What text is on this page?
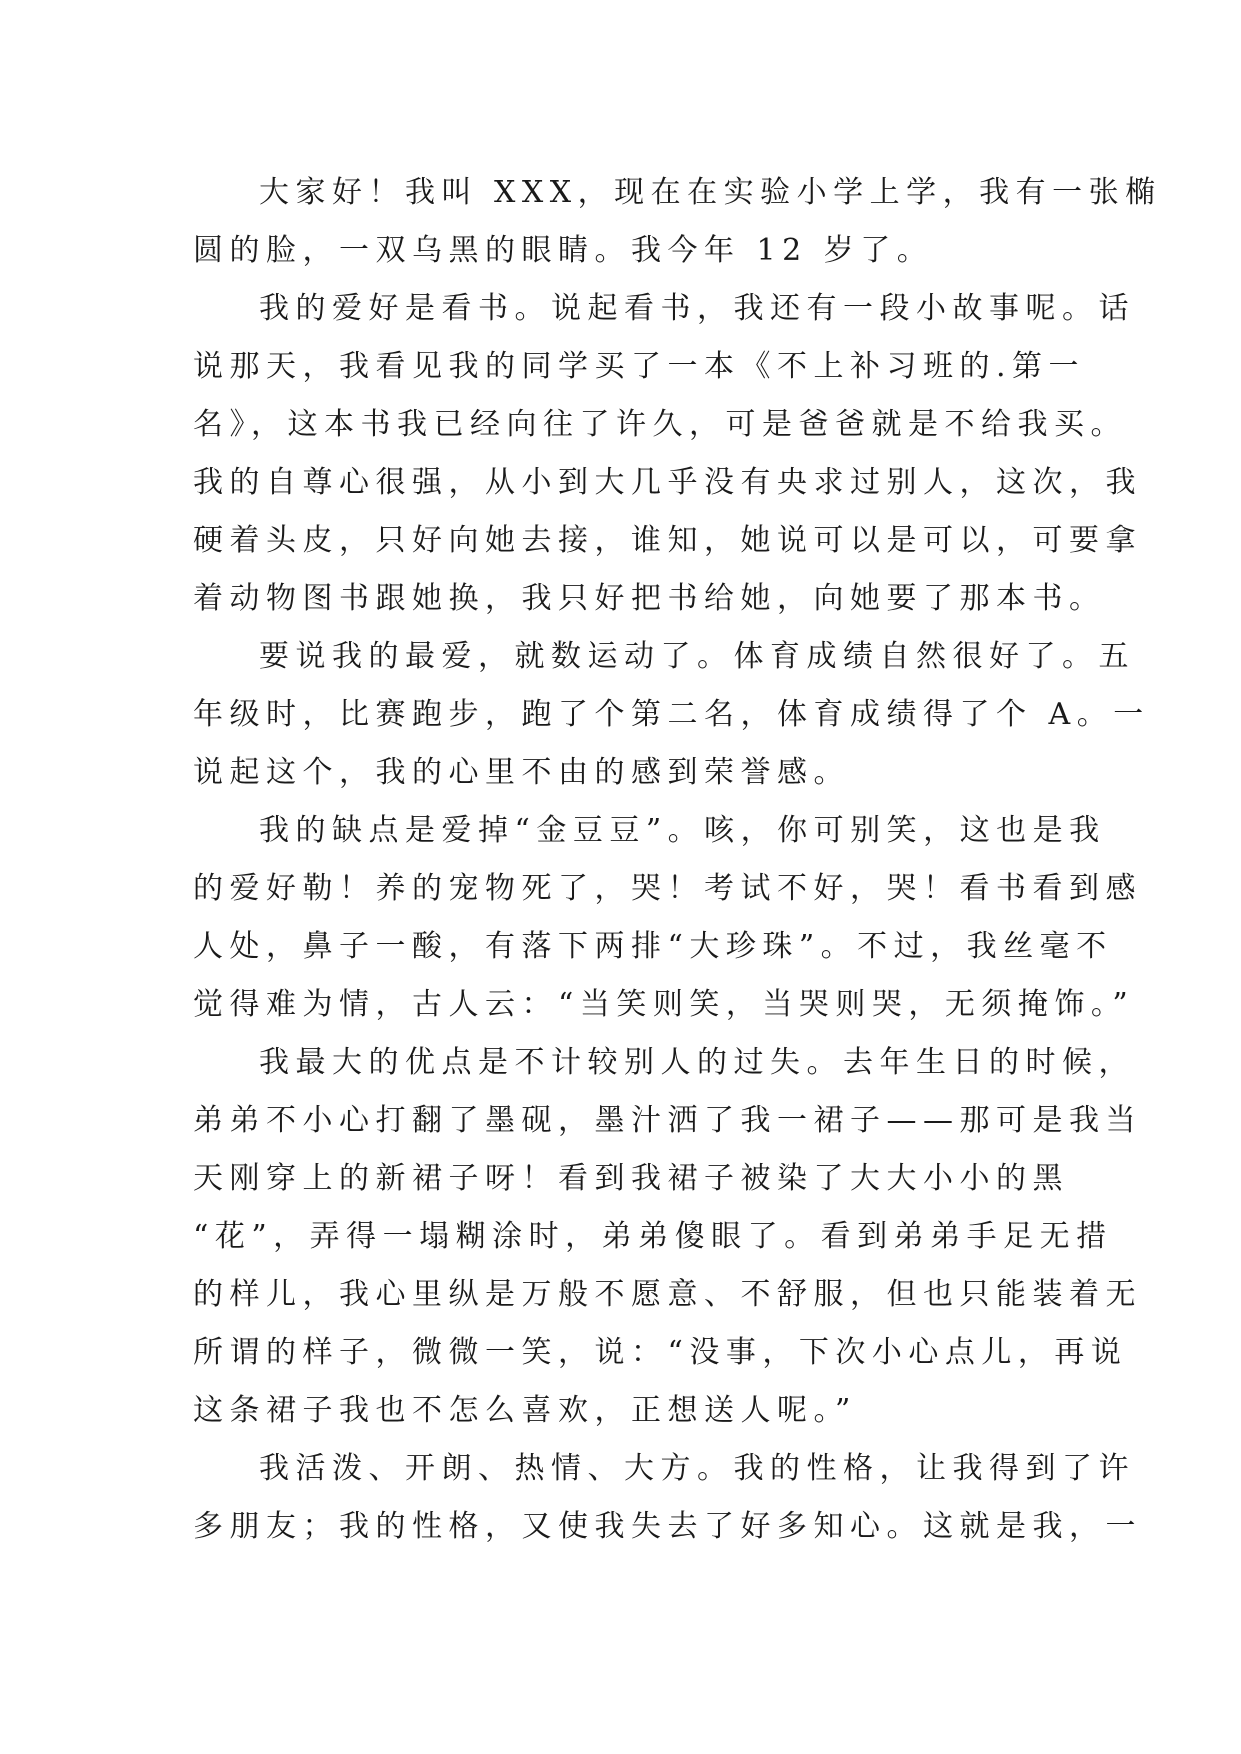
大家好！我叫 XXX，现在在实验小学上学，我有一张椭
圆的脸，一双乌黑的眼睛。我今年 12 岁了。
我的爱好是看书。说起看书，我还有一段小故事呢。话
说那天，我看见我的同学买了一本《不上补习班的.第一
名》，这本书我已经向往了许久，可是爸爸就是不给我买。
我的自尊心很强，从小到大几乎没有央求过别人，这次，我
硬着头皮，只好向她去接，谁知，她说可以是可以，可要拿
着动物图书跟她换，我只好把书给她，向她要了那本书。
要说我的最爱，就数运动了。体育成绩自然很好了。五
年级时，比赛跑步，跑了个第二名，体育成绩得了个 A。一
说起这个，我的心里不由的感到荣誉感。
我的缺点是爱掉“金豆豆”。咳，你可别笑，这也是我
的爱好勒！养的宠物死了，哭！考试不好，哭！看书看到感
人处，鼻子一酸，有落下两排“大珍珠”。不过，我丝毫不
觉得难为情，古人云：“当笑则笑，当哭则哭，无须掩饰。”
我最大的优点是不计较别人的过失。去年生日的时候，
弟弟不小心打翻了墨砚，墨汁洒了我一裙子——那可是我当
天刚穿上的新裙子呀！看到我裙子被染了大大小小的黑
“花”，弄得一塌糊涂时，弟弟傻眼了。看到弟弟手足无措
的样儿，我心里纵是万般不愿意、不舒服，但也只能装着无
所谓的样子，微微一笑，说：“没事，下次小心点儿，再说
这条裙子我也不怎么喜欢，正想送人呢。”
我活泼、开朗、热情、大方。我的性格，让我得到了许
多朋友；我的性格，又使我失去了好多知心。这就是我，一
